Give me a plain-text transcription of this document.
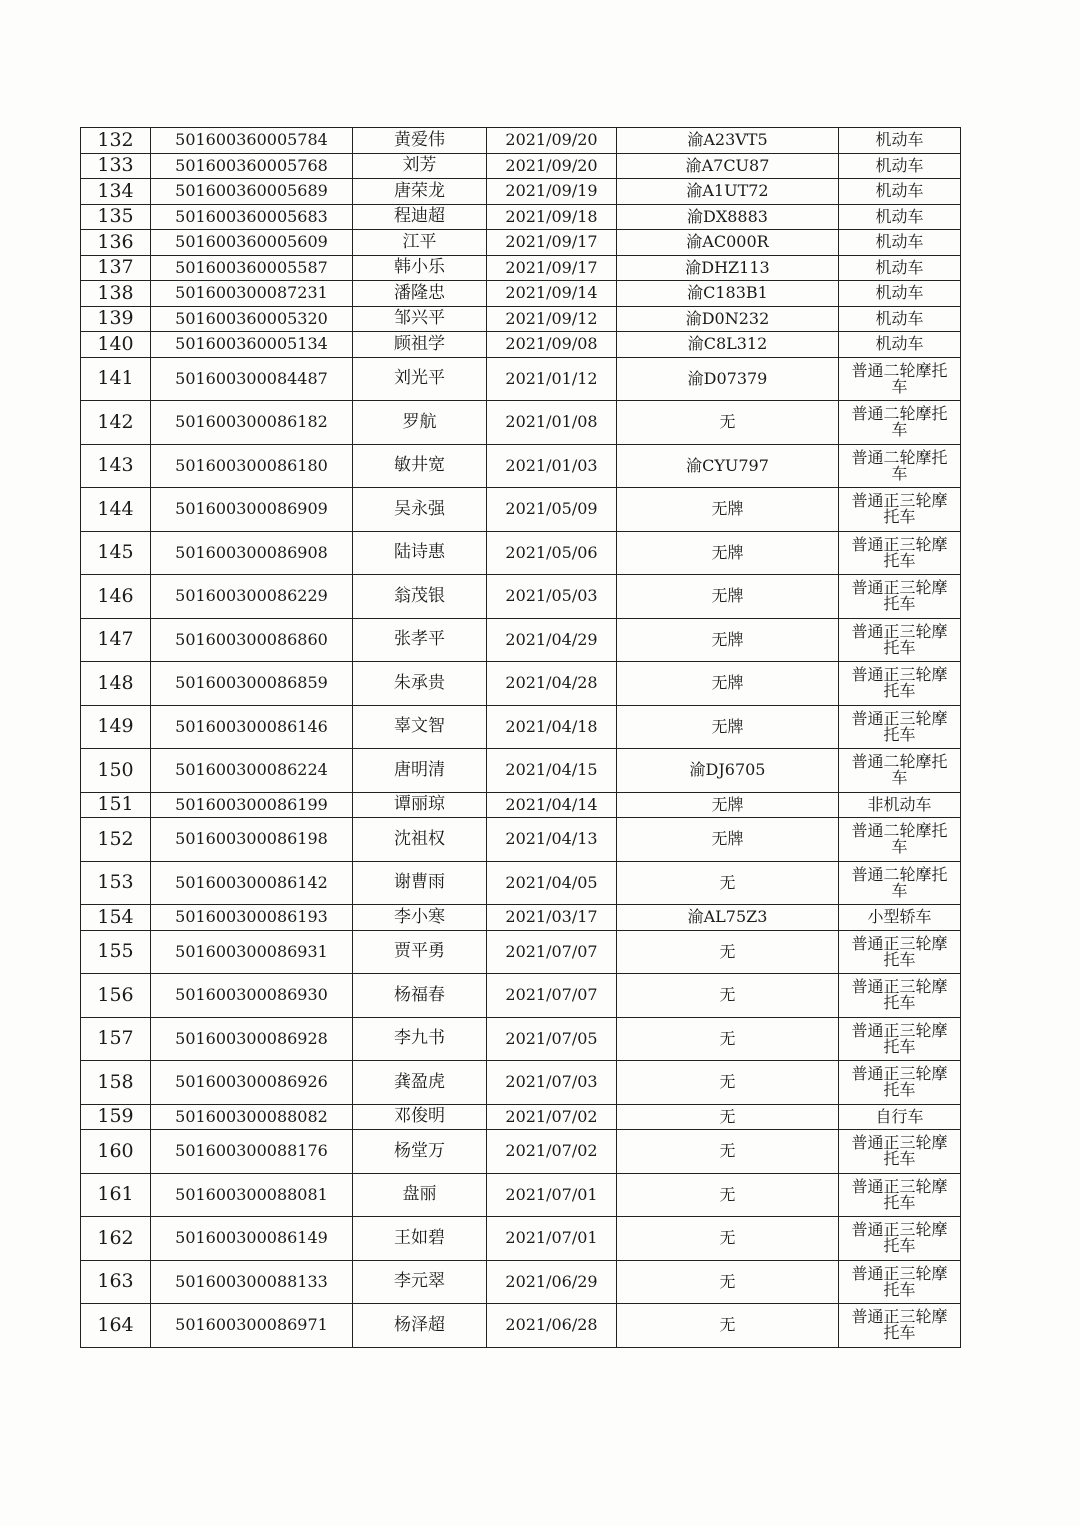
132	501600360005784	黄爱伟	2021/09/20	渝A23VT5	机动车
133	501600360005768	刘芳	2021/09/20	渝A7CU87	机动车
134	501600360005689	唐荣龙	2021/09/19	渝A1UT72	机动车
135	501600360005683	程迪超	2021/09/18	渝DX8883	机动车
136	501600360005609	江平	2021/09/17	渝AC000R	机动车
137	501600360005587	韩小乐	2021/09/17	渝DHZ113	机动车
138	501600300087231	潘隆忠	2021/09/14	渝C183B1	机动车
139	501600360005320	邹兴平	2021/09/12	渝D0N232	机动车
140	501600360005134	顾祖学	2021/09/08	渝C8L312	机动车
141	501600300084487	刘光平	2021/01/12	渝D07379	普通二轮摩托车
142	501600300086182	罗航	2021/01/08	无	普通二轮摩托车
143	501600300086180	敏井宽	2021/01/03	渝CYU797	普通二轮摩托车
144	501600300086909	吴永强	2021/05/09	无牌	普通正三轮摩托车
145	501600300086908	陆诗惠	2021/05/06	无牌	普通正三轮摩托车
146	501600300086229	翁茂银	2021/05/03	无牌	普通正三轮摩托车
147	501600300086860	张孝平	2021/04/29	无牌	普通正三轮摩托车
148	501600300086859	朱承贵	2021/04/28	无牌	普通正三轮摩托车
149	501600300086146	辜文智	2021/04/18	无牌	普通正三轮摩托车
150	501600300086224	唐明清	2021/04/15	渝DJ6705	普通二轮摩托车
151	501600300086199	谭丽琼	2021/04/14	无牌	非机动车
152	501600300086198	沈祖权	2021/04/13	无牌	普通二轮摩托车
153	501600300086142	谢曹雨	2021/04/05	无	普通二轮摩托车
154	501600300086193	李小寒	2021/03/17	渝AL75Z3	小型轿车
155	501600300086931	贾平勇	2021/07/07	无	普通正三轮摩托车
156	501600300086930	杨福春	2021/07/07	无	普通正三轮摩托车
157	501600300086928	李九书	2021/07/05	无	普通正三轮摩托车
158	501600300086926	龚盈虎	2021/07/03	无	普通正三轮摩托车
159	501600300088082	邓俊明	2021/07/02	无	自行车
160	501600300088176	杨堂万	2021/07/02	无	普通正三轮摩托车
161	501600300088081	盘丽	2021/07/01	无	普通正三轮摩托车
162	501600300086149	王如碧	2021/07/01	无	普通正三轮摩托车
163	501600300088133	李元翠	2021/06/29	无	普通正三轮摩托车
164	501600300086971	杨泽超	2021/06/28	无	普通正三轮摩托车
